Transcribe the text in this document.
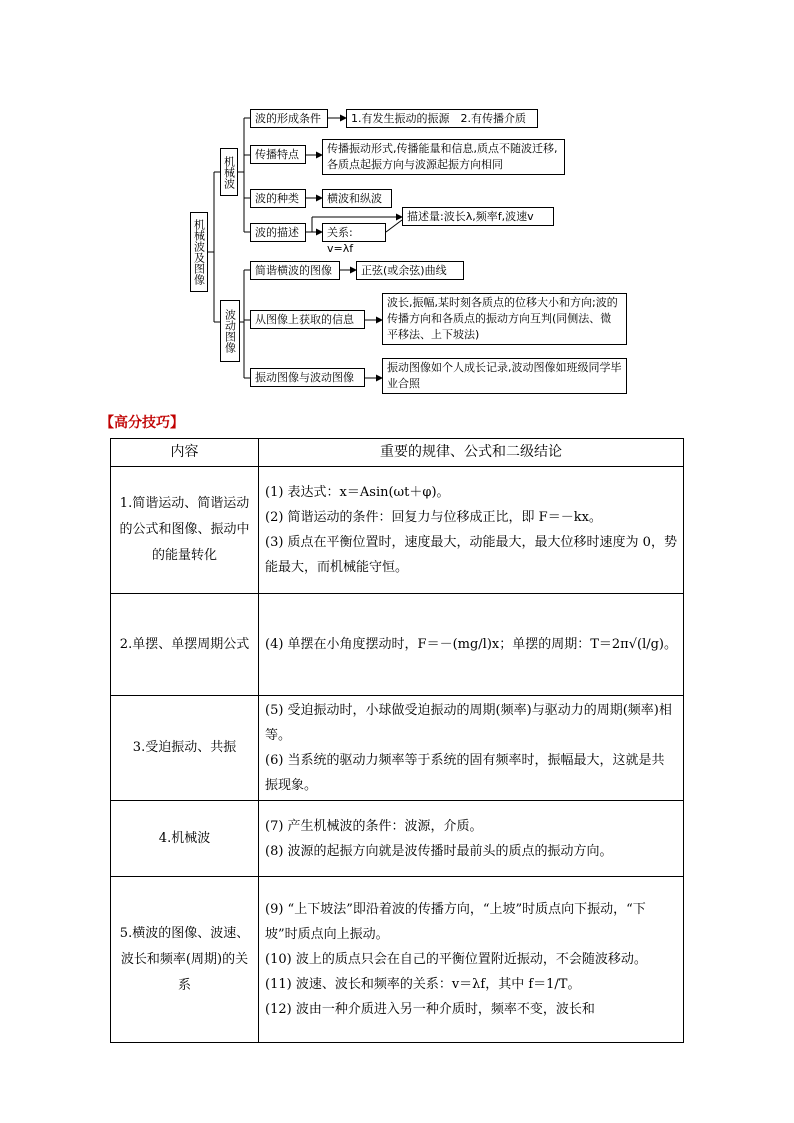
机械波及图像
机械波
波的形成条件	1.有发生振动的振源　2.有传播介质
传播特点	传播振动形式,传播能量和信息,质点不随波迁移,各质点起振方向与波源起振方向相同
波的种类	横波和纵波
波的描述
描述量:波长λ,频率f,波速v
关系: v=λf
波动图像
简谐横波的图像	正弦(或余弦)曲线
从图像上获取的信息
波长,振幅,某时刻各质点的位移大小和方向;波的传播方向和各质点的振动方向互判(同侧法、微平移法、上下坡法)
振动图像与波动图像
振动图像如个人成长记录,波动图像如班级同学毕业合照
【高分技巧】
内容	重要的规律、公式和二级结论
1.简谐运动、简谐运动的公式和图像、振动中的能量转化	(1) 表达式：x＝Asin(ωt＋φ)。
(2) 简谐运动的条件：回复力与位移成正比，即 F＝－kx。
(3) 质点在平衡位置时，速度最大，动能最大，最大位移时速度为 0，势能最大，而机械能守恒。

2.单摆、单摆周期公式	(4) 单摆在小角度摆动时，F＝－(mg/l)x；单摆的周期：T＝2π√(l/g)。

3.受迫振动、共振	(5) 受迫振动时，小球做受迫振动的周期(频率)与驱动力的周期(频率)相等。
(6) 当系统的驱动力频率等于系统的固有频率时，振幅最大，这就是共振现象。

4.机械波	(7) 产生机械波的条件：波源，介质。
(8) 波源的起振方向就是波传播时最前头的质点的振动方向。

5.横波的图像、波速、波长和频率(周期)的关系	(9) “上下坡法”即沿着波的传播方向，“上坡”时质点向下振动，“下坡”时质点向上振动。
(10) 波上的质点只会在自己的平衡位置附近振动，不会随波移动。
(11) 波速、波长和频率的关系：v＝λf，其中 f＝1/T。
(12) 波由一种介质进入另一种介质时，频率不变，波长和
